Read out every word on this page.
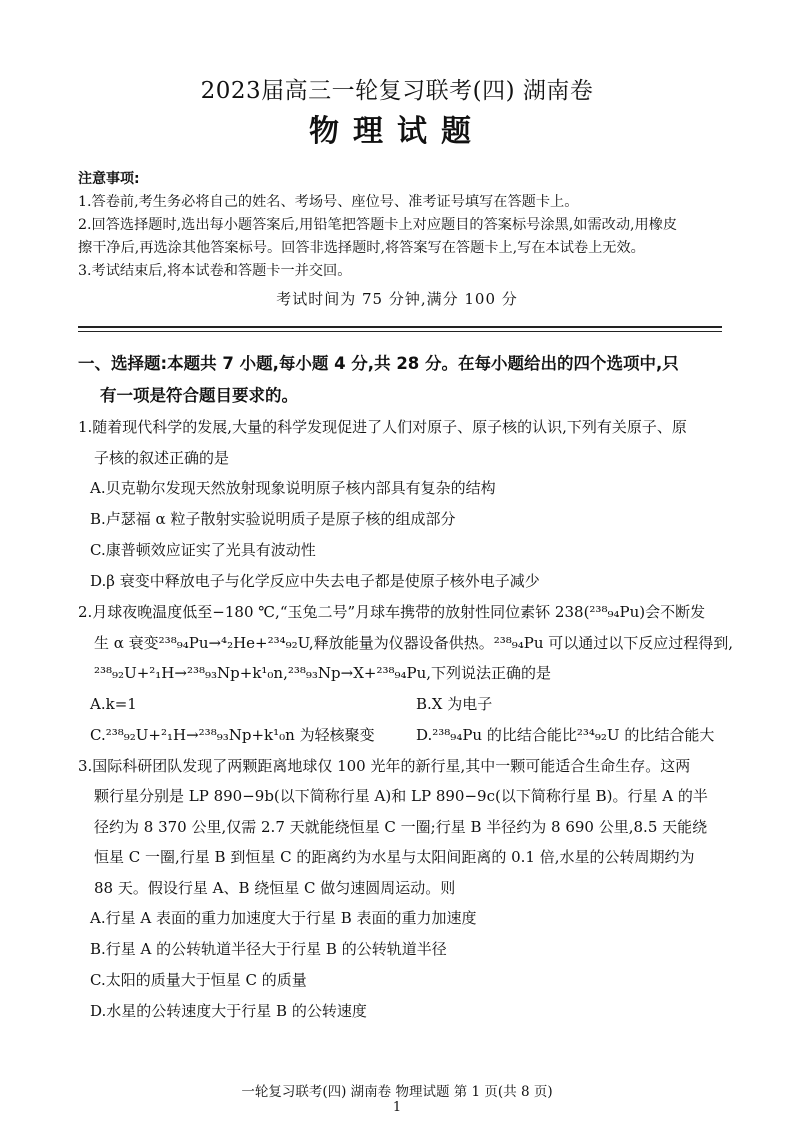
2023届高三一轮复习联考(四) 湖南卷
物理试题

注意事项:

1.答卷前,考生务必将自己的姓名、考场号、座位号、准考证号填写在答题卡上。

2.回答选择题时,选出每小题答案后,用铅笔把答题卡上对应题目的答案标号涂黑,如需改动,用橡皮

擦干净后,再选涂其他答案标号。回答非选择题时,将答案写在答题卡上,写在本试卷上无效。

3.考试结束后,将本试卷和答题卡一并交回。

考试时间为 75 分钟,满分 100 分

一、选择题:本题共 7 小题,每小题 4 分,共 28 分。在每小题给出的四个选项中,只

有一项是符合题目要求的。

1.随着现代科学的发展,大量的科学发现促进了人们对原子、原子核的认识,下列有关原子、原

子核的叙述正确的是

A.贝克勒尔发现天然放射现象说明原子核内部具有复杂的结构

B.卢瑟福 α 粒子散射实验说明质子是原子核的组成部分

C.康普顿效应证实了光具有波动性

D.β 衰变中释放电子与化学反应中失去电子都是使原子核外电子减少

2.月球夜晚温度低至−180 ℃,“玉兔二号”月球车携带的放射性同位素钚 238(²³⁸₉₄Pu)会不断发

生 α 衰变²³⁸₉₄Pu→⁴₂He+²³⁴₉₂U,释放能量为仪器设备供热。²³⁸₉₄Pu 可以通过以下反应过程得到,

²³⁸₉₂U+²₁H→²³⁸₉₃Np+k¹₀n,²³⁸₉₃Np→X+²³⁸₉₄Pu,下列说法正确的是

A.k=1	B.X 为电子

C.²³⁸₉₂U+²₁H→²³⁸₉₃Np+k¹₀n 为轻核聚变	D.²³⁸₉₄Pu 的比结合能比²³⁴₉₂U 的比结合能大

3.国际科研团队发现了两颗距离地球仅 100 光年的新行星,其中一颗可能适合生命生存。这两

颗行星分别是 LP 890−9b(以下简称行星 A)和 LP 890−9c(以下简称行星 B)。行星 A 的半

径约为 8 370 公里,仅需 2.7 天就能绕恒星 C 一圈;行星 B 半径约为 8 690 公里,8.5 天能绕

恒星 C 一圈,行星 B 到恒星 C 的距离约为水星与太阳间距离的 0.1 倍,水星的公转周期约为

88 天。假设行星 A、B 绕恒星 C 做匀速圆周运动。则

A.行星 A 表面的重力加速度大于行星 B 表面的重力加速度

B.行星 A 的公转轨道半径大于行星 B 的公转轨道半径

C.太阳的质量大于恒星 C 的质量

D.水星的公转速度大于行星 B 的公转速度

一轮复习联考(四) 湖南卷 物理试题 第 1 页(共 8 页)
1
